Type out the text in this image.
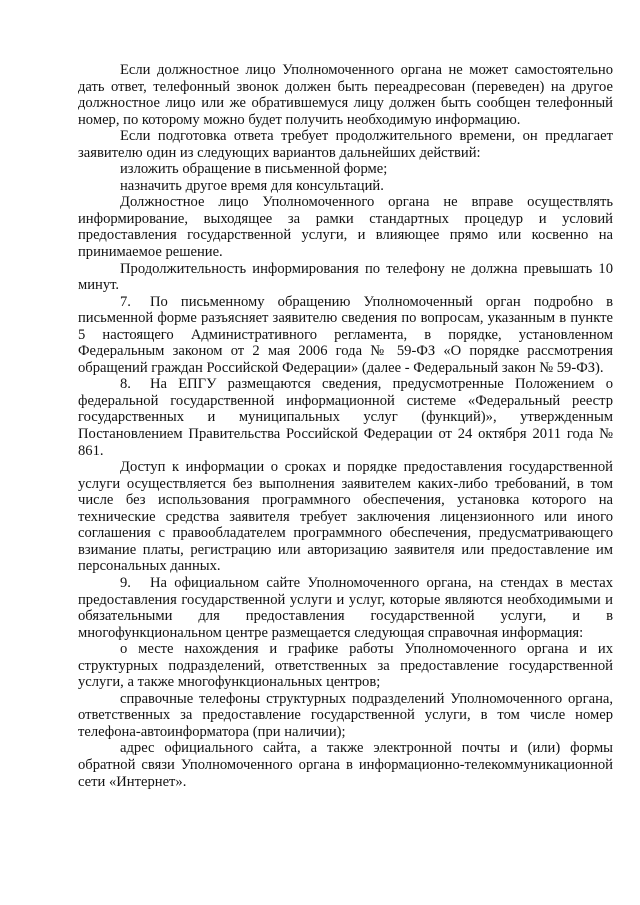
Если должностное лицо Уполномоченного органа не может самостоятельно дать ответ, телефонный звонок должен быть переадресован (переведен) на другое должностное лицо или же обратившемуся лицу должен быть сообщен телефонный номер, по которому можно будет получить необходимую информацию.

Если подготовка ответа требует продолжительного времени, он предлагает заявителю один из следующих вариантов дальнейших действий:

изложить обращение в письменной форме;

назначить другое время для консультаций.

Должностное лицо Уполномоченного органа не вправе осуществлять информирование, выходящее за рамки стандартных процедур и условий предоставления государственной услуги, и влияющее прямо или косвенно на принимаемое решение.

Продолжительность информирования по телефону не должна превышать 10 минут.

7. По письменному обращению Уполномоченный орган подробно в письменной форме разъясняет заявителю сведения по вопросам, указанным в пункте 5 настоящего Административного регламента, в порядке, установленном Федеральным законом от 2 мая 2006 года № 59-ФЗ «О порядке рассмотрения обращений граждан Российской Федерации» (далее - Федеральный закон № 59-ФЗ).

8. На ЕПГУ размещаются сведения, предусмотренные Положением о федеральной государственной информационной системе «Федеральный реестр государственных и муниципальных услуг (функций)», утвержденным Постановлением Правительства Российской Федерации от 24 октября 2011 года № 861.

Доступ к информации о сроках и порядке предоставления государственной услуги осуществляется без выполнения заявителем каких-либо требований, в том числе без использования программного обеспечения, установка которого на технические средства заявителя требует заключения лицензионного или иного соглашения с правообладателем программного обеспечения, предусматривающего взимание платы, регистрацию или авторизацию заявителя или предоставление им персональных данных.

9. На официальном сайте Уполномоченного органа, на стендах в местах предоставления государственной услуги и услуг, которые являются необходимыми и обязательными для предоставления государственной услуги, и в многофункциональном центре размещается следующая справочная информация:

о месте нахождения и графике работы Уполномоченного органа и их структурных подразделений, ответственных за предоставление государственной услуги, а также многофункциональных центров;

справочные телефоны структурных подразделений Уполномоченного органа, ответственных за предоставление государственной услуги, в том числе номер телефона-автоинформатора (при наличии);

адрес официального сайта, а также электронной почты и (или) формы обратной связи Уполномоченного органа в информационно-телекоммуникационной сети «Интернет».
